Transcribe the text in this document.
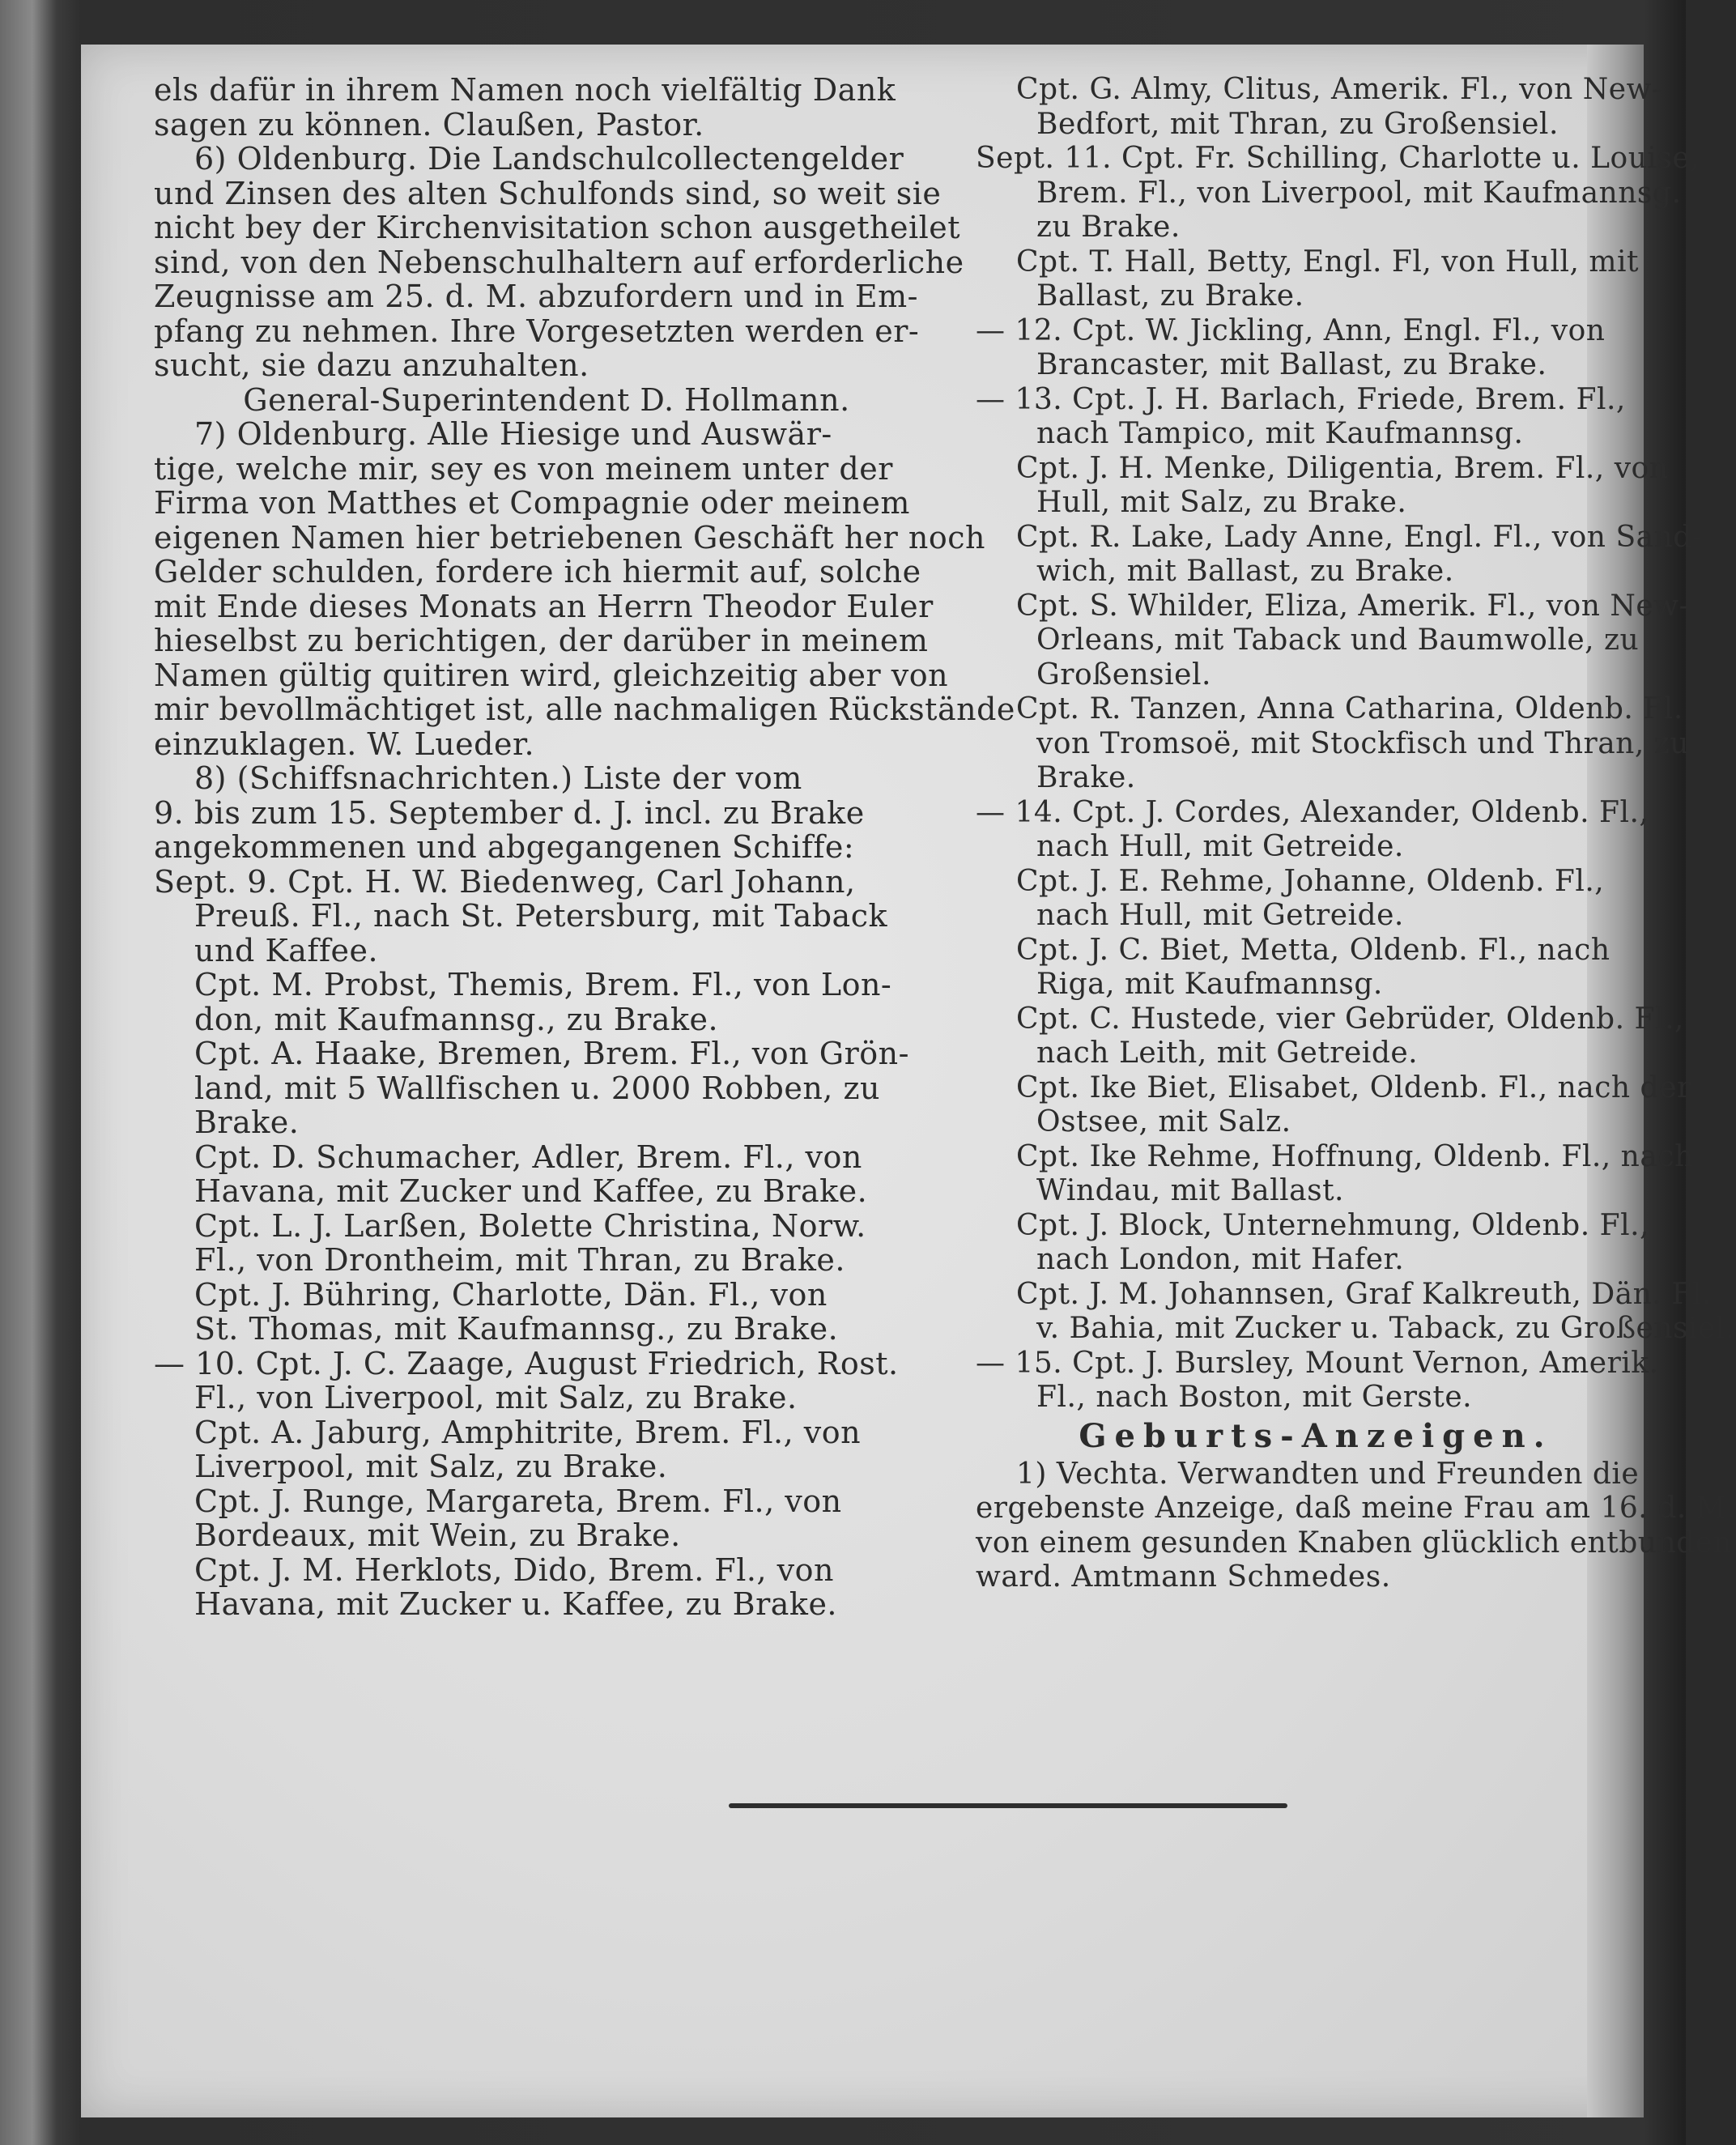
els dafür in ihrem Namen noch vielfältig Dank
sagen zu können. Claußen, Pastor.
6) Oldenburg. Die Landschulcollectengelder
und Zinsen des alten Schulfonds sind, so weit sie
nicht bey der Kirchenvisitation schon ausgetheilet
sind, von den Nebenschulhaltern auf erforderliche
Zeugnisse am 25. d. M. abzufordern und in Em-
pfang zu nehmen. Ihre Vorgesetzten werden er-
sucht, sie dazu anzuhalten.
General-Superintendent D. Hollmann.
7) Oldenburg. Alle Hiesige und Auswär-
tige, welche mir, sey es von meinem unter der
Firma von Matthes et Compagnie oder meinem
eigenen Namen hier betriebenen Geschäft her noch
Gelder schulden, fordere ich hiermit auf, solche
mit Ende dieses Monats an Herrn Theodor Euler
hieselbst zu berichtigen, der darüber in meinem
Namen gültig quitiren wird, gleichzeitig aber von
mir bevollmächtiget ist, alle nachmaligen Rückstände
einzuklagen. W. Lueder.
8) (Schiffsnachrichten.) Liste der vom
9. bis zum 15. September d. J. incl. zu Brake
angekommenen und abgegangenen Schiffe:
Sept. 9. Cpt. H. W. Biedenweg, Carl Johann,
Preuß. Fl., nach St. Petersburg, mit Taback
und Kaffee.
Cpt. M. Probst, Themis, Brem. Fl., von Lon-
don, mit Kaufmannsg., zu Brake.
Cpt. A. Haake, Bremen, Brem. Fl., von Grön-
land, mit 5 Wallfischen u. 2000 Robben, zu
Brake.
Cpt. D. Schumacher, Adler, Brem. Fl., von
Havana, mit Zucker und Kaffee, zu Brake.
Cpt. L. J. Larßen, Bolette Christina, Norw.
Fl., von Drontheim, mit Thran, zu Brake.
Cpt. J. Bühring, Charlotte, Dän. Fl., von
St. Thomas, mit Kaufmannsg., zu Brake.
— 10. Cpt. J. C. Zaage, August Friedrich, Rost.
Fl., von Liverpool, mit Salz, zu Brake.
Cpt. A. Jaburg, Amphitrite, Brem. Fl., von
Liverpool, mit Salz, zu Brake.
Cpt. J. Runge, Margareta, Brem. Fl., von
Bordeaux, mit Wein, zu Brake.
Cpt. J. M. Herklots, Dido, Brem. Fl., von
Havana, mit Zucker u. Kaffee, zu Brake.
Cpt. G. Almy, Clitus, Amerik. Fl., von New-
Bedfort, mit Thran, zu Großensiel.
Sept. 11. Cpt. Fr. Schilling, Charlotte u. Louise,
Brem. Fl., von Liverpool, mit Kaufmannsg.
zu Brake.
Cpt. T. Hall, Betty, Engl. Fl, von Hull, mit
Ballast, zu Brake.
— 12. Cpt. W. Jickling, Ann, Engl. Fl., von
Brancaster, mit Ballast, zu Brake.
— 13. Cpt. J. H. Barlach, Friede, Brem. Fl.,
nach Tampico, mit Kaufmannsg.
Cpt. J. H. Menke, Diligentia, Brem. Fl., von
Hull, mit Salz, zu Brake.
Cpt. R. Lake, Lady Anne, Engl. Fl., von Sand-
wich, mit Ballast, zu Brake.
Cpt. S. Whilder, Eliza, Amerik. Fl., von New-
Orleans, mit Taback und Baumwolle, zu
Großensiel.
Cpt. R. Tanzen, Anna Catharina, Oldenb. Fl.
von Tromsoë, mit Stockfisch und Thran, zu
Brake.
— 14. Cpt. J. Cordes, Alexander, Oldenb. Fl.,
nach Hull, mit Getreide.
Cpt. J. E. Rehme, Johanne, Oldenb. Fl.,
nach Hull, mit Getreide.
Cpt. J. C. Biet, Metta, Oldenb. Fl., nach
Riga, mit Kaufmannsg.
Cpt. C. Hustede, vier Gebrüder, Oldenb. Fl.,
nach Leith, mit Getreide.
Cpt. Ike Biet, Elisabet, Oldenb. Fl., nach der
Ostsee, mit Salz.
Cpt. Ike Rehme, Hoffnung, Oldenb. Fl., nach
Windau, mit Ballast.
Cpt. J. Block, Unternehmung, Oldenb. Fl.,
nach London, mit Hafer.
Cpt. J. M. Johannsen, Graf Kalkreuth, Dän. Fl.
v. Bahia, mit Zucker u. Taback, zu Großensiel.
— 15. Cpt. J. Bursley, Mount Vernon, Amerik.
Fl., nach Boston, mit Gerste.
Geburts-Anzeigen.
1) Vechta. Verwandten und Freunden die
ergebenste Anzeige, daß meine Frau am 16. d. M.
von einem gesunden Knaben glücklich entbunden
ward. Amtmann Schmedes.
